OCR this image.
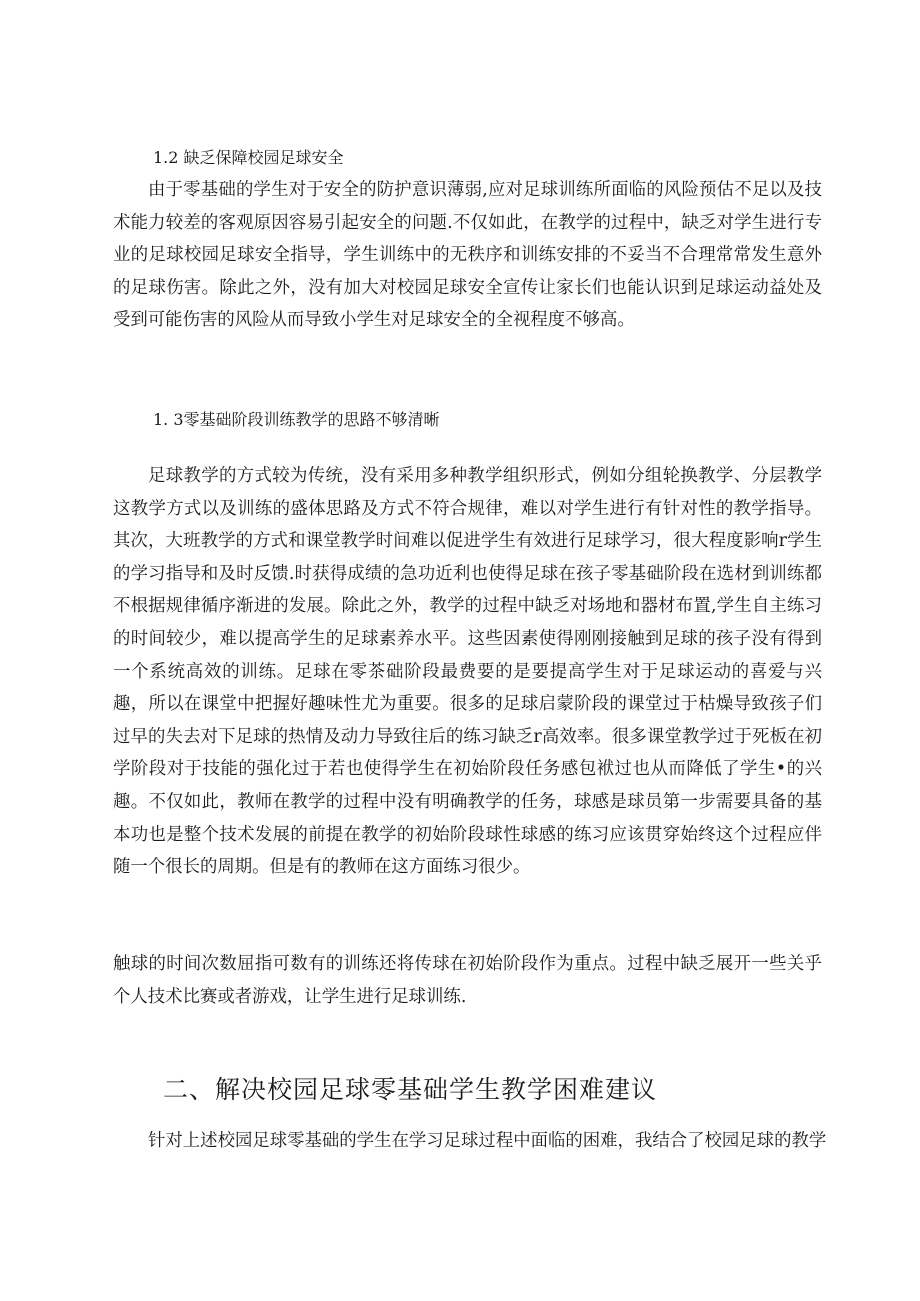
1.2 缺乏保障校园足球安全

由于零基础的学生对于安全的防护意识薄弱,应对足球训练所面临的风险预估不足以及技术能力较差的客观原因容易引起安全的问题.不仅如此，在教学的过程中，缺乏对学生进行专业的足球校园足球安全指导，学生训练中的无秩序和训练安排的不妥当不合理常常发生意外的足球伤害。除此之外，没有加大对校园足球安全宣传让家长们也能认识到足球运动益处及受到可能伤害的风险从而导致小学生对足球安全的全视程度不够高。

1. 3零基础阶段训练教学的思路不够清晰

足球教学的方式较为传统，没有采用多种教学组织形式，例如分组轮换教学、分层教学这教学方式以及训练的盛体思路及方式不符合规律，难以对学生进行有针对性的教学指导。其次，大班教学的方式和课堂教学时间难以促进学生有效进行足球学习，很大程度影响r学生的学习指导和及时反馈.时获得成绩的急功近利也使得足球在孩子零基础阶段在选材到训练都不根据规律循序渐进的发展。除此之外，教学的过程中缺乏对场地和器材布置,学生自主练习的时间较少，难以提高学生的足球素养水平。这些因素使得刚刚接触到足球的孩子没有得到一个系统高效的训练。足球在零茶础阶段最费要的是要提高学生对于足球运动的喜爱与兴趣，所以在课堂中把握好趣味性尤为重要。很多的足球启蒙阶段的课堂过于枯燥导致孩子们过早的失去对下足球的热情及动力导致往后的练习缺乏r高效率。很多课堂教学过于死板在初学阶段对于技能的强化过于若也使得学生在初始阶段任务感包袱过也从而降低了学生•的兴趣。不仅如此，教师在教学的过程中没有明确教学的任务，球感是球员第一步需要具备的基本功也是整个技术发展的前提在教学的初始阶段球性球感的练习应该贯穿始终这个过程应伴随一个很长的周期。但是有的教师在这方面练习很少。

触球的时间次数屈指可数有的训练还将传球在初始阶段作为重点。过程中缺乏展开一些关乎个人技术比赛或者游戏，让学生进行足球训练.

二、解决校园足球零基础学生教学困难建议
针对上述校园足球零基础的学生在学习足球过程中面临的困难，我结合了校园足球的教学
